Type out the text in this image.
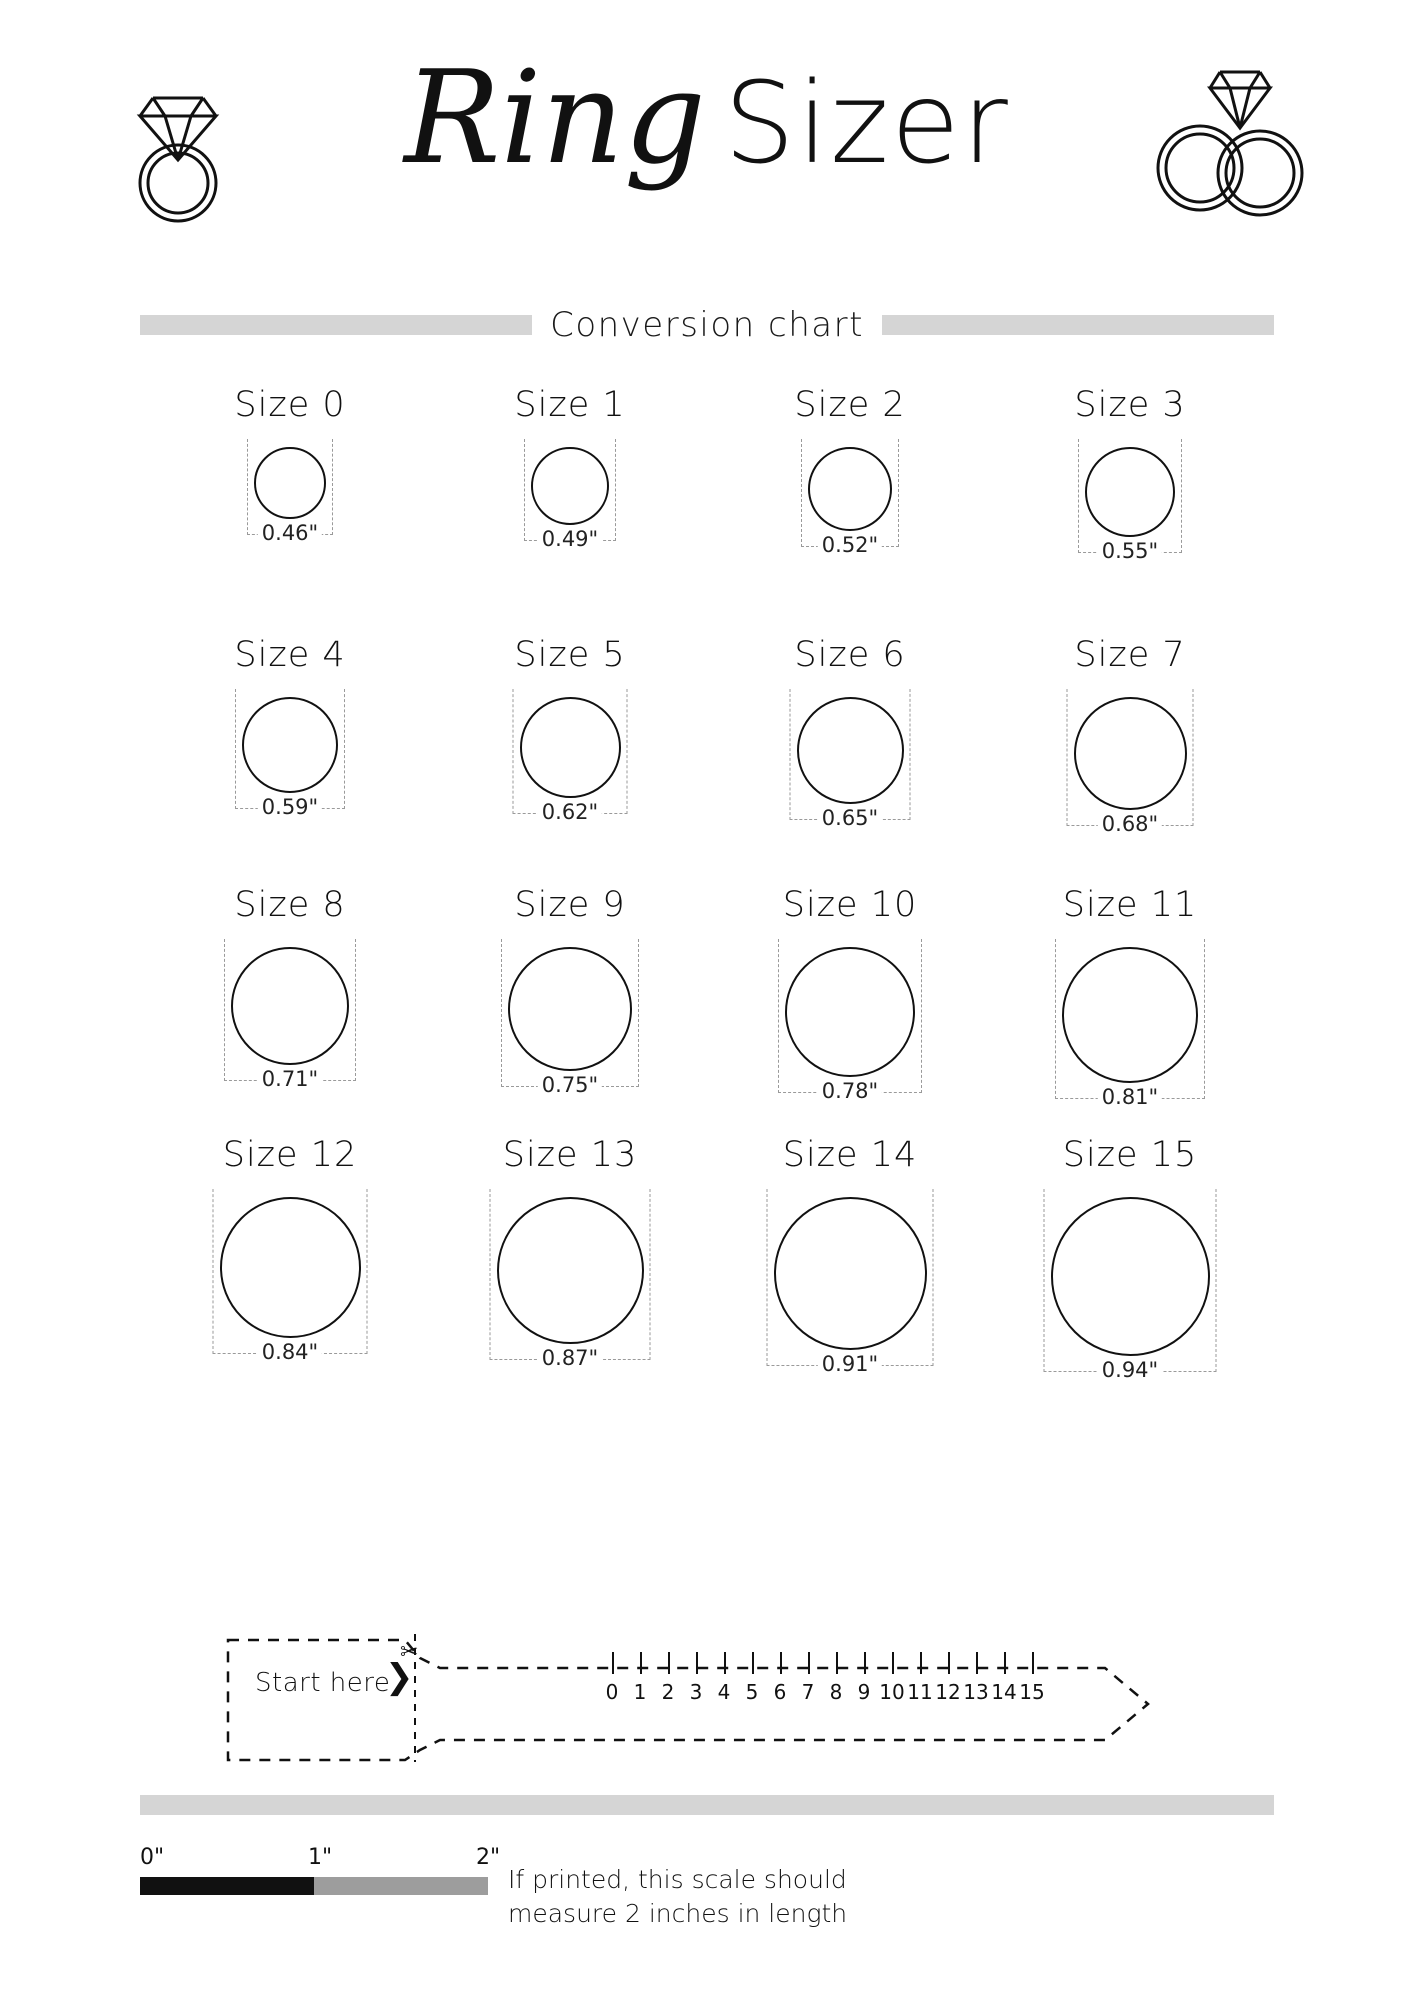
Ring Sizer
Conversion chart
Size 0
0.46"
Size 1
0.49"
Size 2
0.52"
Size 3
0.55"
Size 4
0.59"
Size 5
0.62"
Size 6
0.65"
Size 7
0.68"
Size 8
0.71"
Size 9
0.75"
Size 10
0.78"
Size 11
0.81"
Size 12
0.84"
Size 13
0.87"
Size 14
0.91"
Size 15
0.94"
✂
Start here
❯	0 1 2 3 4 5 6 7 8 9 10 11 12 13 14 15
0"	1"	2"
If printed, this scale should
measure 2 inches in length
